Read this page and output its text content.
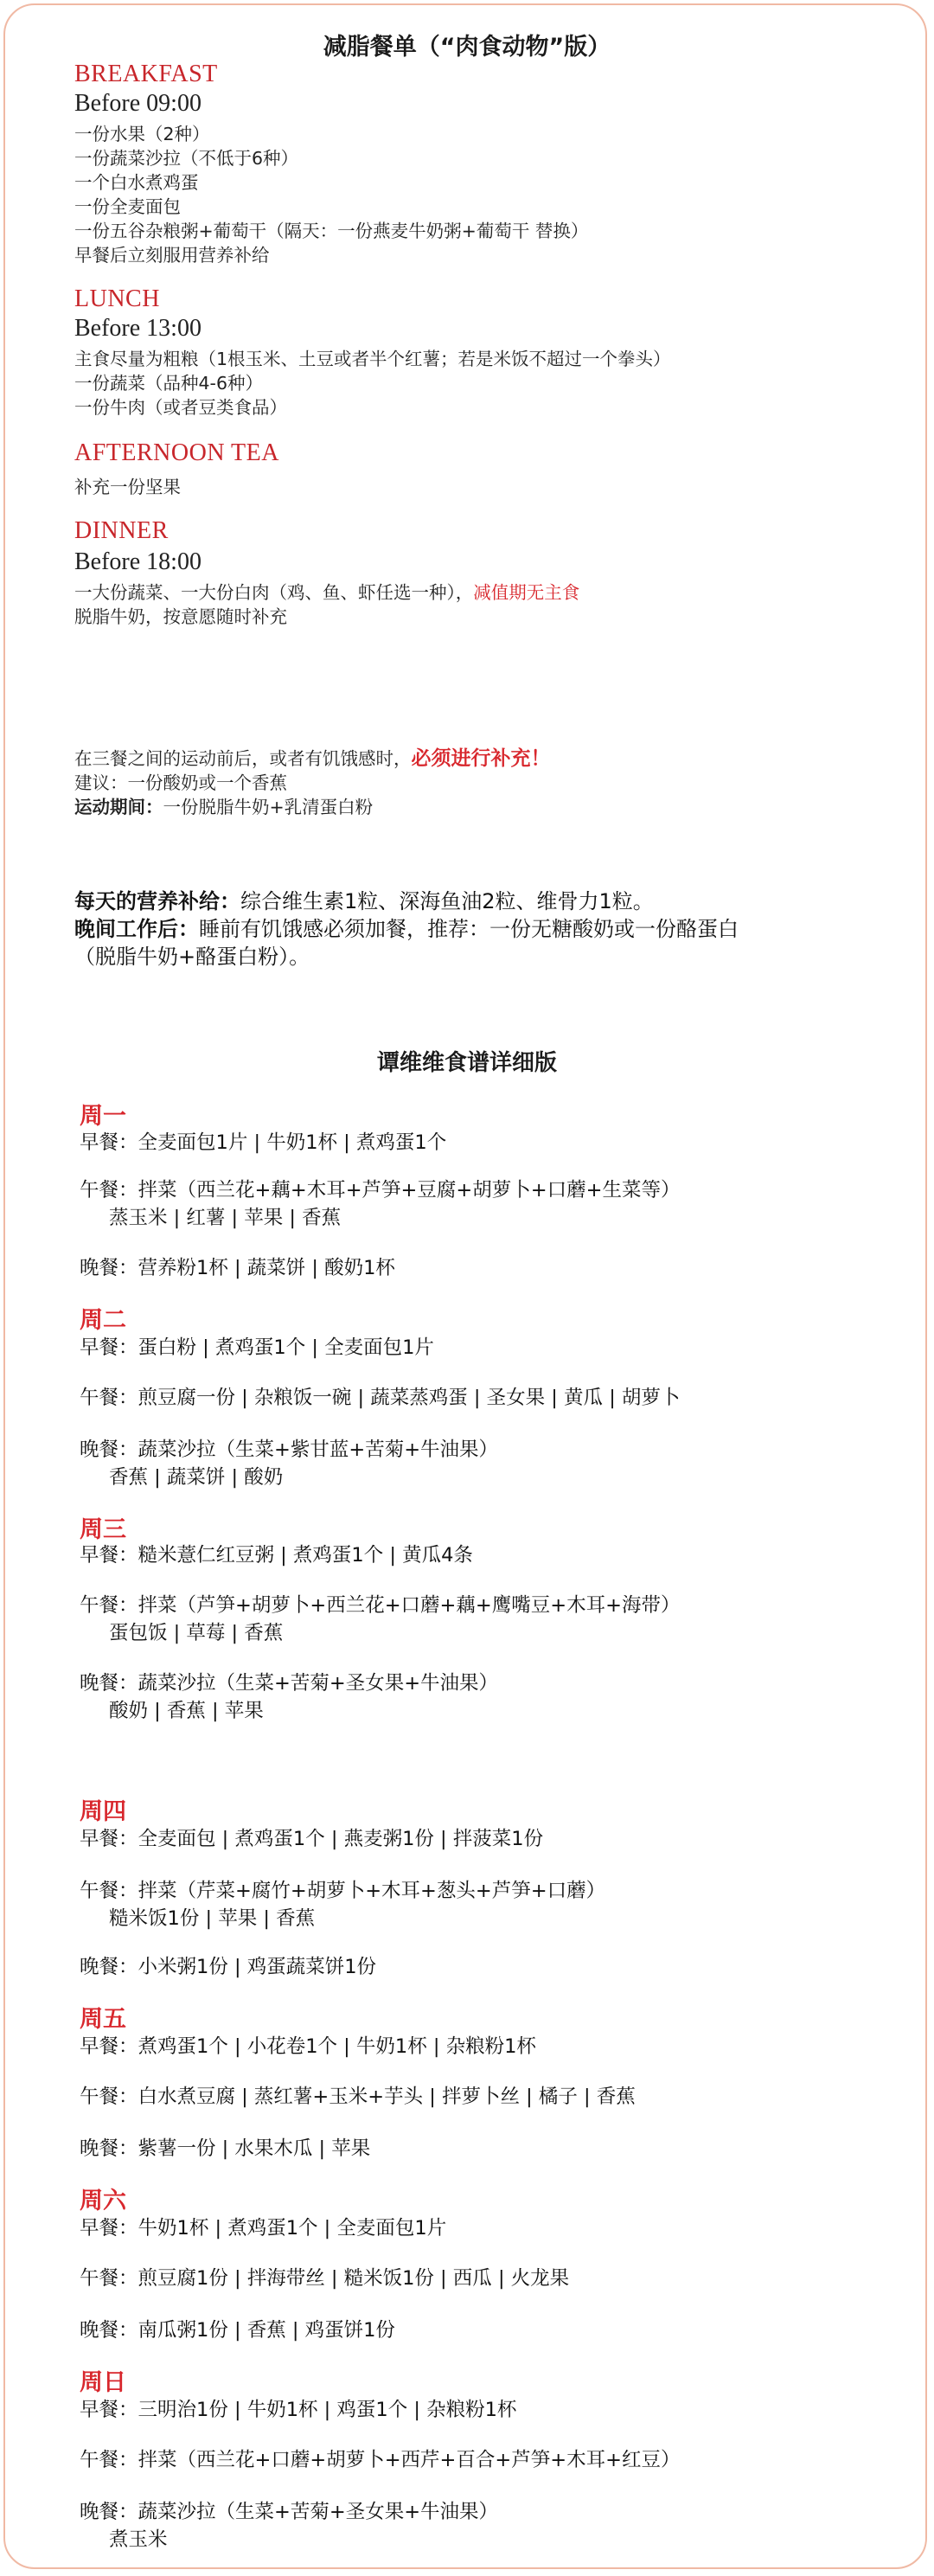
减脂餐单（“肉食动物”版）
BREAKFAST
Before 09:00
一份水果（2种）
一份蔬菜沙拉（不低于6种）
一个白水煮鸡蛋
一份全麦面包
一份五谷杂粮粥+葡萄干（隔天：一份燕麦牛奶粥+葡萄干 替换）
早餐后立刻服用营养补给
LUNCH
Before 13:00
主食尽量为粗粮（1根玉米、土豆或者半个红薯；若是米饭不超过一个拳头）
一份蔬菜（品种4-6种）
一份牛肉（或者豆类食品）
AFTERNOON TEA
补充一份坚果
DINNER
Before 18:00
一大份蔬菜、一大份白肉（鸡、鱼、虾任选一种），减值期无主食
脱脂牛奶，按意愿随时补充
在三餐之间的运动前后，或者有饥饿感时，必须进行补充！
建议：一份酸奶或一个香蕉
运动期间：一份脱脂牛奶+乳清蛋白粉
每天的营养补给：综合维生素1粒、深海鱼油2粒、维骨力1粒。
晚间工作后：睡前有饥饿感必须加餐，推荐：一份无糖酸奶或一份酪蛋白
（脱脂牛奶+酪蛋白粉）。
谭维维食谱详细版
周一
早餐：全麦面包1片 | 牛奶1杯 | 煮鸡蛋1个
午餐：拌菜（西兰花+藕+木耳+芦笋+豆腐+胡萝卜+口蘑+生菜等）
蒸玉米 | 红薯 | 苹果 | 香蕉
晚餐：营养粉1杯 | 蔬菜饼 | 酸奶1杯
周二
早餐：蛋白粉 | 煮鸡蛋1个 | 全麦面包1片
午餐：煎豆腐一份 | 杂粮饭一碗 | 蔬菜蒸鸡蛋 | 圣女果 | 黄瓜 | 胡萝卜
晚餐：蔬菜沙拉（生菜+紫甘蓝+苦菊+牛油果）
香蕉 | 蔬菜饼 | 酸奶
周三
早餐：糙米薏仁红豆粥 | 煮鸡蛋1个 | 黄瓜4条
午餐：拌菜（芦笋+胡萝卜+西兰花+口蘑+藕+鹰嘴豆+木耳+海带）
蛋包饭 | 草莓 | 香蕉
晚餐：蔬菜沙拉（生菜+苦菊+圣女果+牛油果）
酸奶 | 香蕉 | 苹果
周四
早餐：全麦面包 | 煮鸡蛋1个 | 燕麦粥1份 | 拌菠菜1份
午餐：拌菜（芹菜+腐竹+胡萝卜+木耳+葱头+芦笋+口蘑）
糙米饭1份 | 苹果 | 香蕉
晚餐：小米粥1份 | 鸡蛋蔬菜饼1份
周五
早餐：煮鸡蛋1个 | 小花卷1个 | 牛奶1杯 | 杂粮粉1杯
午餐：白水煮豆腐 | 蒸红薯+玉米+芋头 | 拌萝卜丝 | 橘子 | 香蕉
晚餐：紫薯一份 | 水果木瓜 | 苹果
周六
早餐：牛奶1杯 | 煮鸡蛋1个 | 全麦面包1片
午餐：煎豆腐1份 | 拌海带丝 | 糙米饭1份 | 西瓜 | 火龙果
晚餐：南瓜粥1份 | 香蕉 | 鸡蛋饼1份
周日
早餐：三明治1份 | 牛奶1杯 | 鸡蛋1个 | 杂粮粉1杯
午餐：拌菜（西兰花+口蘑+胡萝卜+西芹+百合+芦笋+木耳+红豆）
晚餐：蔬菜沙拉（生菜+苦菊+圣女果+牛油果）
煮玉米
